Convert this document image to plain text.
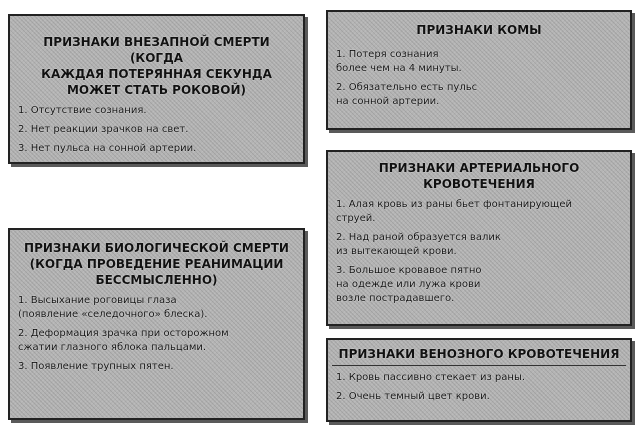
ПРИЗНАКИ ВНЕЗАПНОЙ СМЕРТИ (КОГДА
КАЖДАЯ ПОТЕРЯННАЯ СЕКУНДА
МОЖЕТ СТАТЬ РОКОВОЙ)
1. Отсутствие сознания.
2. Нет реакции зрачков на свет.
3. Нет пульса на сонной артерии.
ПРИЗНАКИ БИОЛОГИЧЕСКОЙ СМЕРТИ
(КОГДА ПРОВЕДЕНИЕ РЕАНИМАЦИИ
БЕССМЫСЛЕННО)
1. Высыхание роговицы глаза
(появление «селедочного» блеска).
2. Деформация зрачка при осторожном
сжатии глазного яблока пальцами.
3. Появление трупных пятен.
ПРИЗНАКИ КОМЫ
1. Потеря сознания
более чем на 4 минуты.
2. Обязательно есть пульс
на сонной артерии.
ПРИЗНАКИ АРТЕРИАЛЬНОГО
КРОВОТЕЧЕНИЯ
1. Алая кровь из раны бьет фонтанирующей
струей.
2. Над раной образуется валик
из вытекающей крови.
3. Большое кровавое пятно
на одежде или лужа крови
возле пострадавшего.
ПРИЗНАКИ ВЕНОЗНОГО КРОВОТЕЧЕНИЯ
1. Кровь пассивно стекает из раны.
2. Очень темный цвет крови.
